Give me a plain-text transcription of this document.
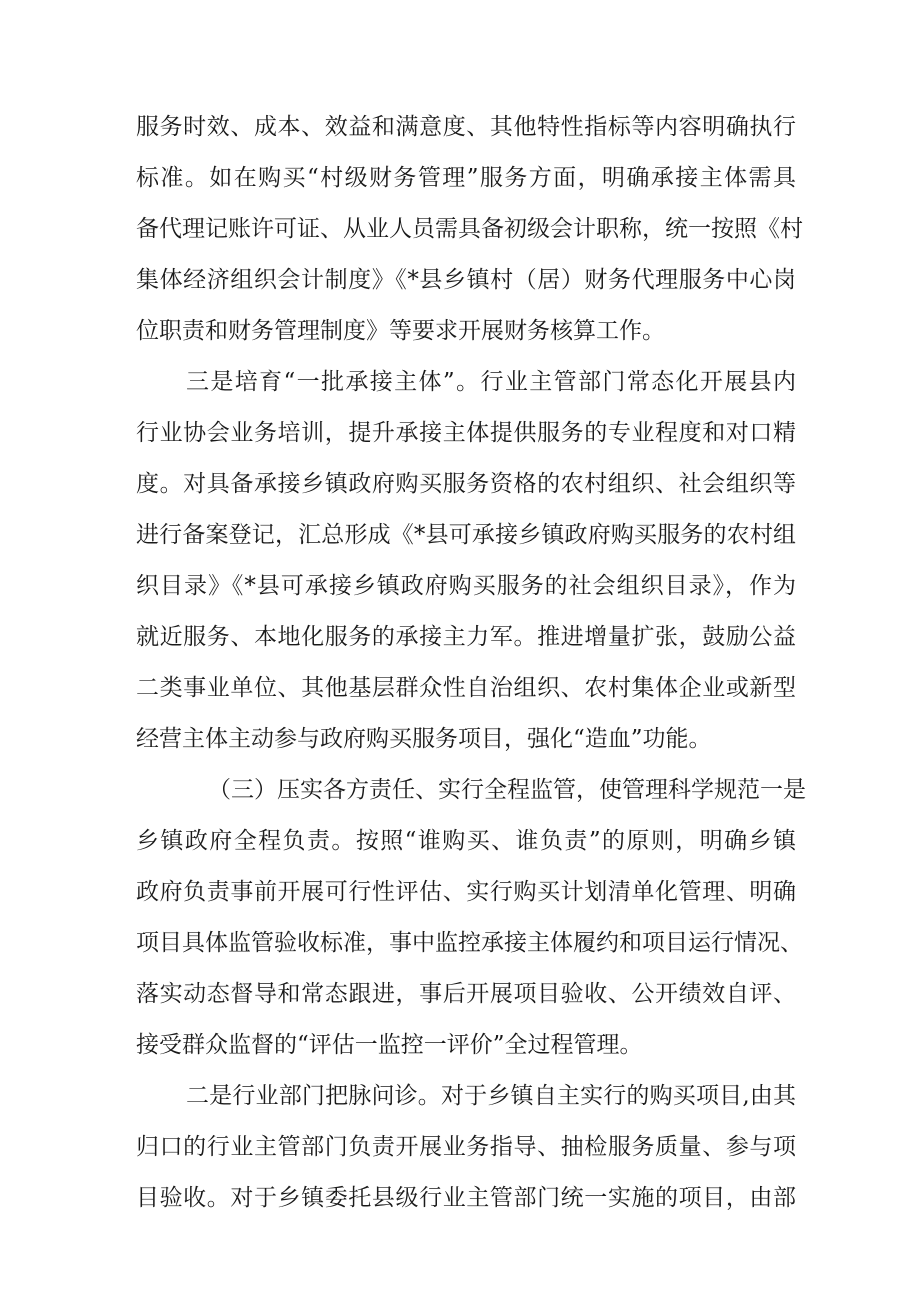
服务时效、成本、效益和满意度、其他特性指标等内容明确执行
标准。如在购买“村级财务管理”服务方面，明确承接主体需具
备代理记账许可证、从业人员需具备初级会计职称，统一按照《村
集体经济组织会计制度》《*县乡镇村（居）财务代理服务中心岗
位职责和财务管理制度》等要求开展财务核算工作。
三是培育“一批承接主体”。行业主管部门常态化开展县内
行业协会业务培训，提升承接主体提供服务的专业程度和对口精
度。对具备承接乡镇政府购买服务资格的农村组织、社会组织等
进行备案登记，汇总形成《*县可承接乡镇政府购买服务的农村组
织目录》《*县可承接乡镇政府购买服务的社会组织目录》，作为
就近服务、本地化服务的承接主力军。推进增量扩张，鼓励公益
二类事业单位、其他基层群众性自治组织、农村集体企业或新型
经营主体主动参与政府购买服务项目，强化“造血”功能。
（三）压实各方责任、实行全程监管，使管理科学规范一是
乡镇政府全程负责。按照“谁购买、谁负责”的原则，明确乡镇
政府负责事前开展可行性评估、实行购买计划清单化管理、明确
项目具体监管验收标准，事中监控承接主体履约和项目运行情况、
落实动态督导和常态跟进，事后开展项目验收、公开绩效自评、
接受群众监督的“评估一监控一评价”全过程管理。
二是行业部门把脉问诊。对于乡镇自主实行的购买项目,由其
归口的行业主管部门负责开展业务指导、抽检服务质量、参与项
目验收。对于乡镇委托县级行业主管部门统一实施的项目，由部
